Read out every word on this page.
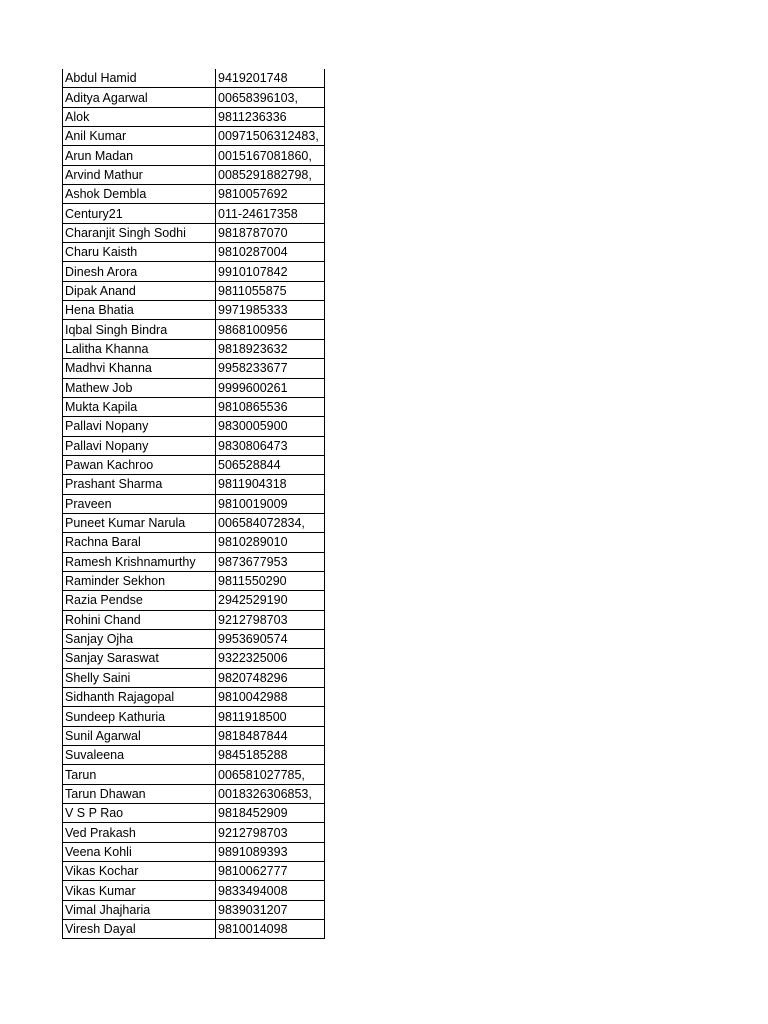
Abdul Hamid	9419201748
Aditya Agarwal	00658396103,
Alok	9811236336
Anil Kumar	00971506312483,
Arun Madan	0015167081860,
Arvind Mathur	0085291882798,
Ashok Dembla	9810057692
Century21	011-24617358
Charanjit Singh Sodhi	9818787070
Charu Kaisth	9810287004
Dinesh Arora	9910107842
Dipak Anand	9811055875
Hena Bhatia	9971985333
Iqbal Singh Bindra	9868100956
Lalitha Khanna	9818923632
Madhvi Khanna	9958233677
Mathew Job	9999600261
Mukta Kapila	9810865536
Pallavi Nopany	9830005900
Pallavi Nopany	9830806473
Pawan Kachroo	506528844
Prashant Sharma	9811904318
Praveen	9810019009
Puneet Kumar Narula	006584072834,
Rachna Baral	9810289010
Ramesh Krishnamurthy	9873677953
Raminder Sekhon	9811550290
Razia Pendse	2942529190
Rohini Chand	9212798703
Sanjay Ojha	9953690574
Sanjay Saraswat	9322325006
Shelly Saini	9820748296
Sidhanth Rajagopal	9810042988
Sundeep Kathuria	9811918500
Sunil Agarwal	9818487844
Suvaleena	9845185288
Tarun	006581027785,
Tarun Dhawan	0018326306853,
V S P Rao	9818452909
Ved Prakash	9212798703
Veena Kohli	9891089393
Vikas Kochar	9810062777
Vikas Kumar	9833494008
Vimal Jhajharia	9839031207
Viresh Dayal	9810014098
